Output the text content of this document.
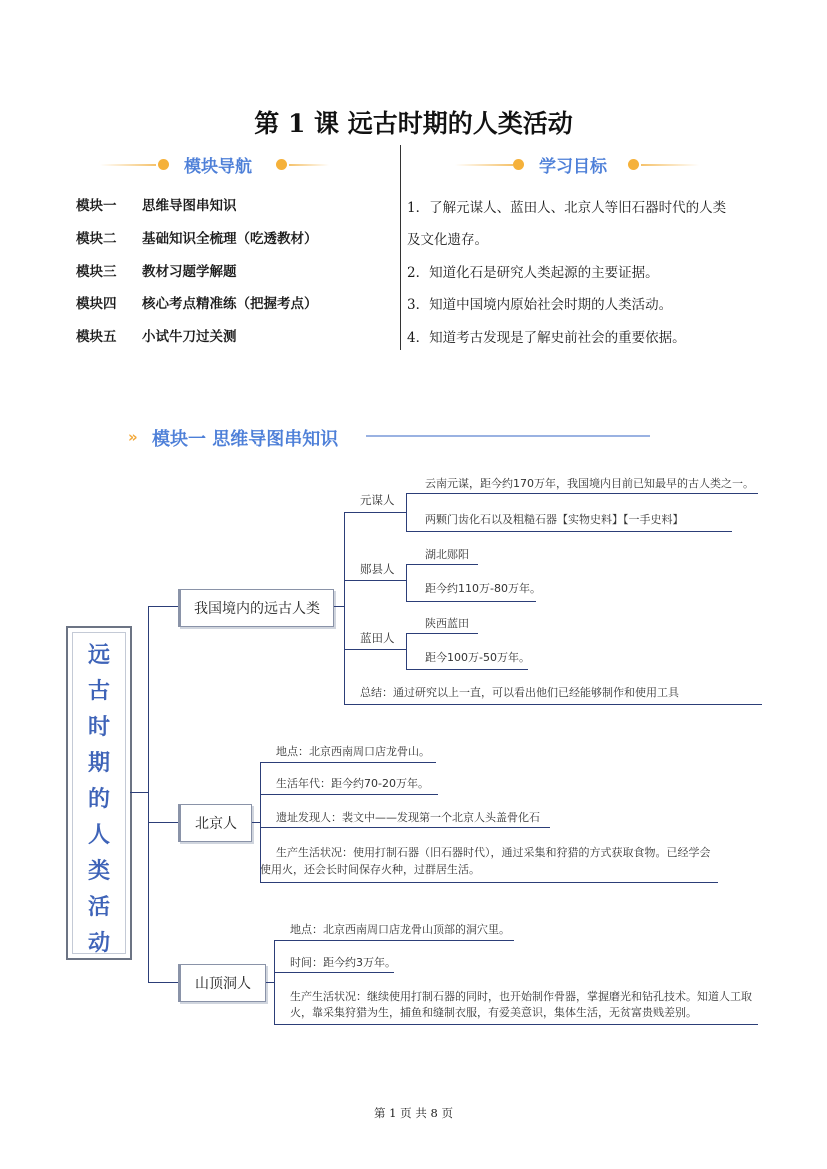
第 1 课 远古时期的人类活动
模块导航	学习目标
模块一 思维导图串知识
模块二 基础知识全梳理（吃透教材）
模块三 教材习题学解题
模块四 核心考点精准练（把握考点）
模块五 小试牛刀过关测
1．了解元谋人、蓝田人、北京人等旧石器时代的人类
及文化遗存。
2．知道化石是研究人类起源的主要证据。
3．知道中国境内原始社会时期的人类活动。
4．知道考古发现是了解史前社会的重要依据。
» 模块一 思维导图串知识
远
古
时
期
的
人
类
活
动
我国境内的远古人类
元谋人
云南元谋，距今约170万年，我国境内目前已知最早的古人类之一。
两颗门齿化石以及粗糙石器【实物史料】【一手史料】
郧县人
湖北郧阳
距今约110万-80万年。
蓝田人
陕西蓝田
距今100万-50万年。
总结：通过研究以上一直，可以看出他们已经能够制作和使用工具
北京人
地点：北京西南周口店龙骨山。
生活年代：距今约70-20万年。
遗址发现人：裴文中——发现第一个北京人头盖骨化石
生产生活状况：使用打制石器（旧石器时代），通过采集和狩猎的方式获取食物。已经学会
使用火，还会长时间保存火种，过群居生活。
山顶洞人
地点：北京西南周口店龙骨山顶部的洞穴里。
时间：距今约3万年。
生产生活状况：继续使用打制石器的同时，也开始制作骨器，掌握磨光和钻孔技术。知道人工取
火，靠采集狩猎为生，捕鱼和缝制衣服，有爱美意识，集体生活，无贫富贵贱差别。
第 1 页 共 8 页
